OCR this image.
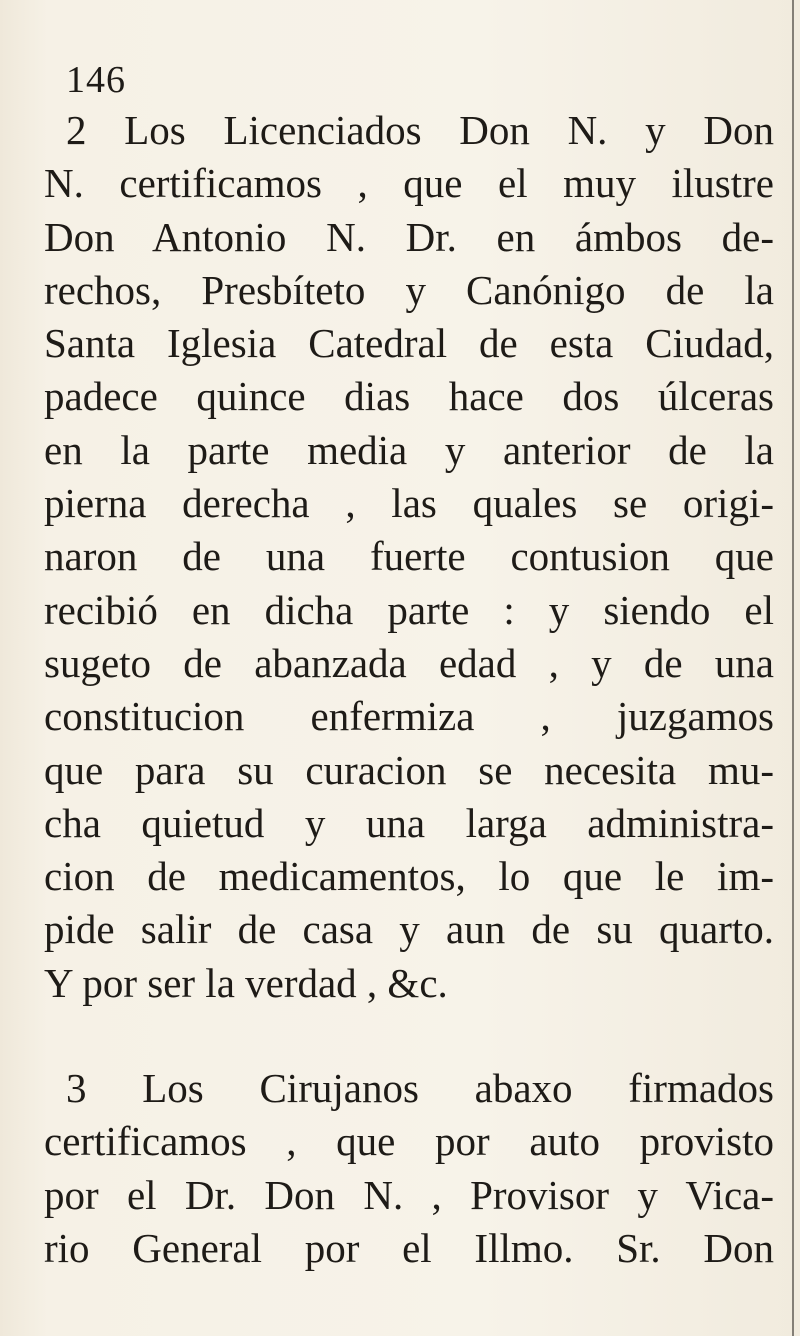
146
2 Los Licenciados Don N. y Don
N. certificamos , que el muy ilustre
Don Antonio N. Dr. en ámbos de-
rechos, Presbíteto y Canónigo de la
Santa Iglesia Catedral de esta Ciudad,
padece quince dias hace dos úlceras
en la parte media y anterior de la
pierna derecha , las quales se origi-
naron de una fuerte contusion que
recibió en dicha parte : y siendo el
sugeto de abanzada edad , y de una
constitucion enfermiza , juzgamos
que para su curacion se necesita mu-
cha quietud y una larga administra-
cion de medicamentos, lo que le im-
pide salir de casa y aun de su quarto.
Y por ser la verdad , &c.
3 Los Cirujanos abaxo firmados
certificamos , que por auto provisto
por el Dr. Don N. , Provisor y Vica-
rio General por el Illmo. Sr. Don
